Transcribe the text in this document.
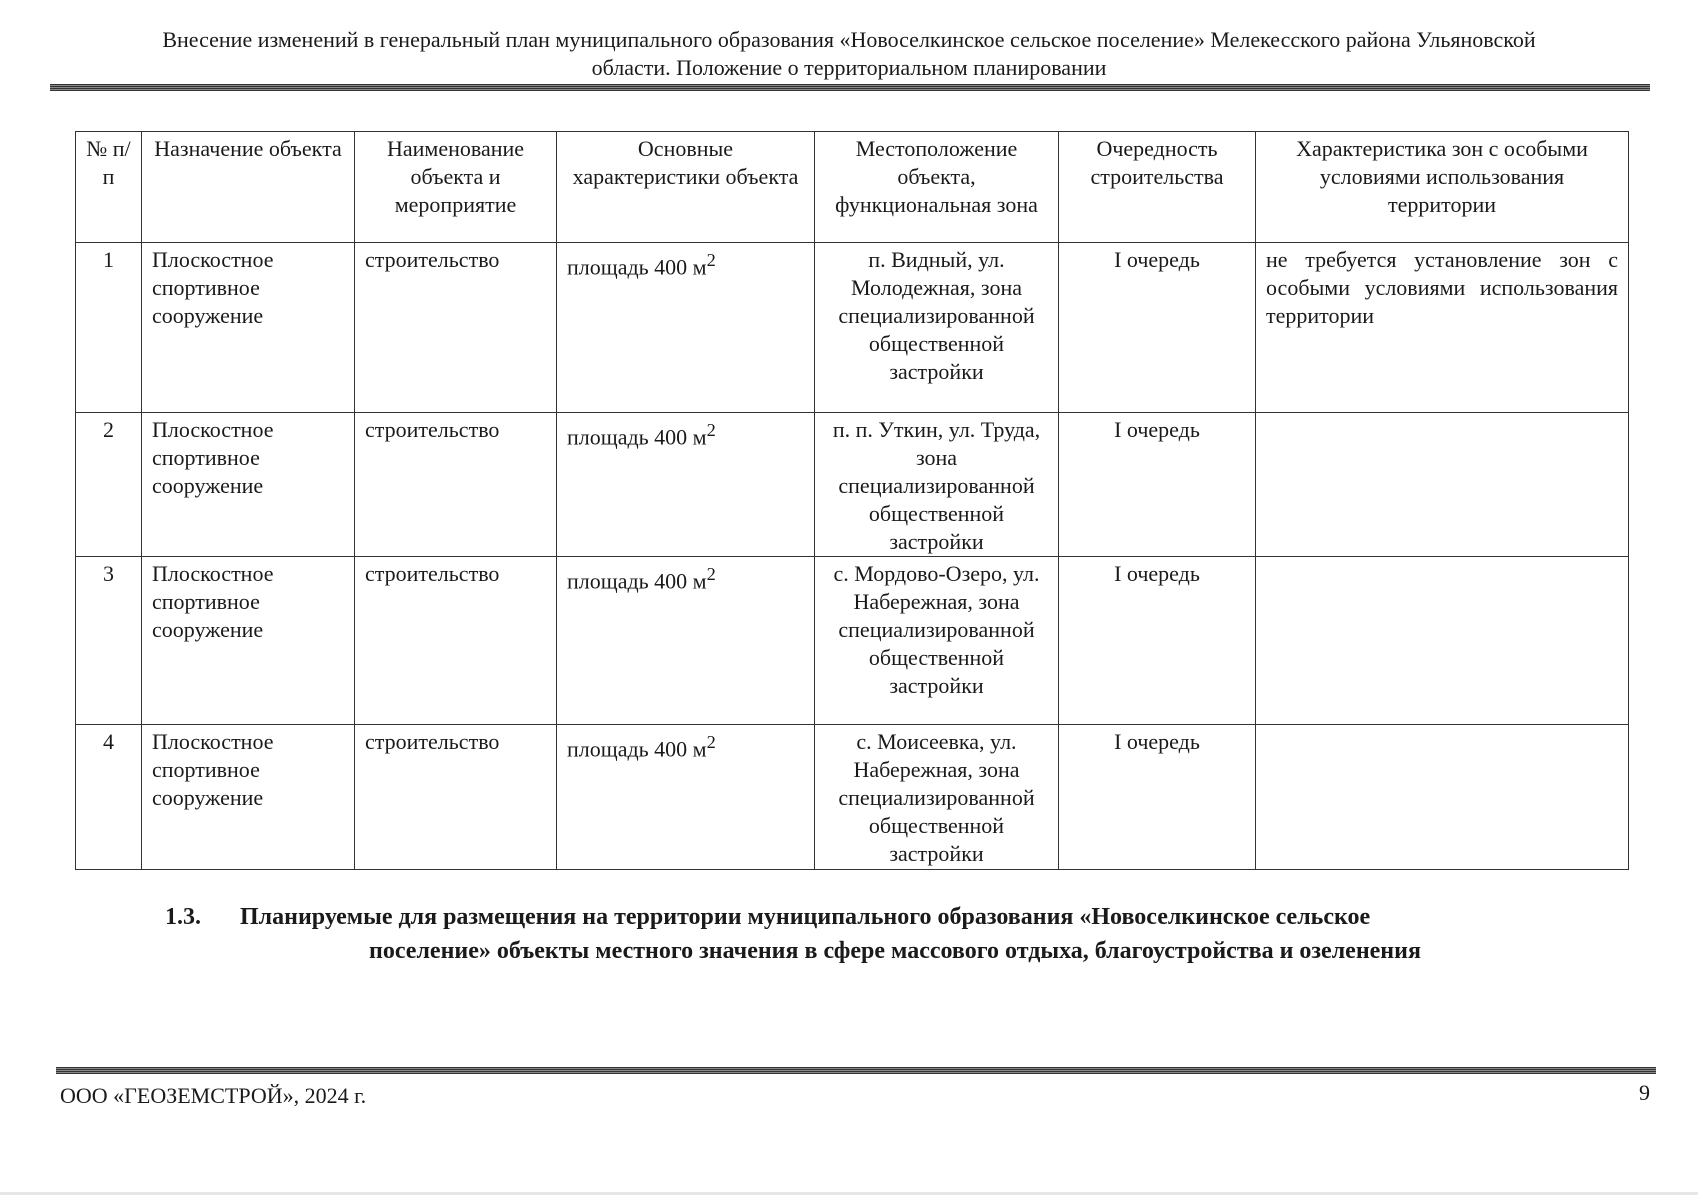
Внесение изменений в генеральный план муниципального образования «Новоселкинское сельское поселение» Мелекесского района Ульяновской
области. Положение о территориальном планировании
№ п/п	Назначение объекта	Наименование объекта и мероприятие	Основные характеристики объекта	Местоположение объекта, функциональная зона	Очередность строительства	Характеристика зон с особыми условиями использования территории
1	Плоскостное спортивное сооружение	строительство	площадь 400 $м^2$	п. Видный, ул. Молодежная, зона специализированной общественной застройки	I очередь	не требуется установление зон с особыми условиями использования территории
2	Плоскостное спортивное сооружение	строительство	площадь 400 $м^2$	п. п. Уткин, ул. Труда, зона специализированной общественной застройки	I очередь	
3	Плоскостное спортивное сооружение	строительство	площадь 400 $м^2$	с. Мордово-Озеро, ул. Набережная, зона специализированной общественной застройки	I очередь	
4	Плоскостное спортивное сооружение	строительство	площадь 400 $м^2$	с. Моисеевка, ул. Набережная, зона специализированной общественной застройки	I очередь	
1.3. Планируемые для размещения на территории муниципального образования «Новоселкинское сельское
поселение» объекты местного значения в сфере массового отдыха, благоустройства и озеленения
ООО «ГЕОЗЕМСТРОЙ», 2024 г.	9
